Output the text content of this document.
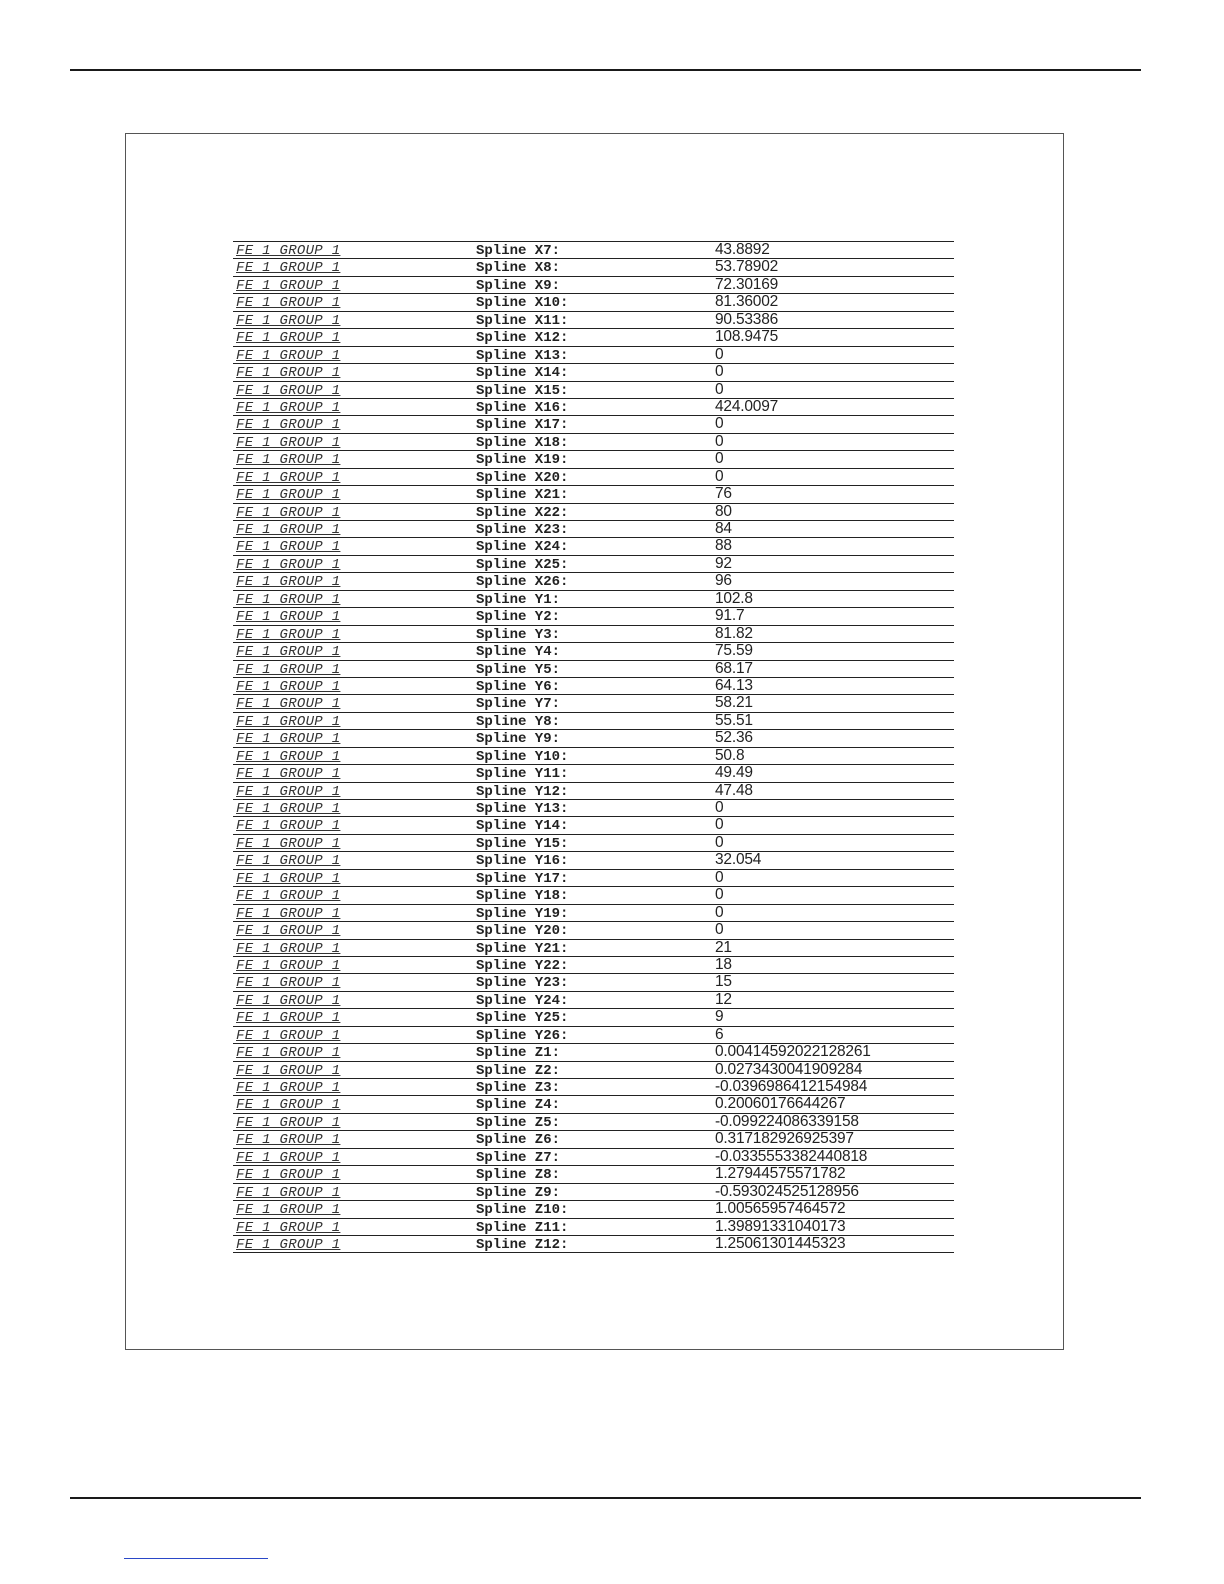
FE 1 GROUP 1	Spline X7:	43.8892
FE 1 GROUP 1	Spline X8:	53.78902
FE 1 GROUP 1	Spline X9:	72.30169
FE 1 GROUP 1	Spline X10:	81.36002
FE 1 GROUP 1	Spline X11:	90.53386
FE 1 GROUP 1	Spline X12:	108.9475
FE 1 GROUP 1	Spline X13:	0
FE 1 GROUP 1	Spline X14:	0
FE 1 GROUP 1	Spline X15:	0
FE 1 GROUP 1	Spline X16:	424.0097
FE 1 GROUP 1	Spline X17:	0
FE 1 GROUP 1	Spline X18:	0
FE 1 GROUP 1	Spline X19:	0
FE 1 GROUP 1	Spline X20:	0
FE 1 GROUP 1	Spline X21:	76
FE 1 GROUP 1	Spline X22:	80
FE 1 GROUP 1	Spline X23:	84
FE 1 GROUP 1	Spline X24:	88
FE 1 GROUP 1	Spline X25:	92
FE 1 GROUP 1	Spline X26:	96
FE 1 GROUP 1	Spline Y1:	102.8
FE 1 GROUP 1	Spline Y2:	91.7
FE 1 GROUP 1	Spline Y3:	81.82
FE 1 GROUP 1	Spline Y4:	75.59
FE 1 GROUP 1	Spline Y5:	68.17
FE 1 GROUP 1	Spline Y6:	64.13
FE 1 GROUP 1	Spline Y7:	58.21
FE 1 GROUP 1	Spline Y8:	55.51
FE 1 GROUP 1	Spline Y9:	52.36
FE 1 GROUP 1	Spline Y10:	50.8
FE 1 GROUP 1	Spline Y11:	49.49
FE 1 GROUP 1	Spline Y12:	47.48
FE 1 GROUP 1	Spline Y13:	0
FE 1 GROUP 1	Spline Y14:	0
FE 1 GROUP 1	Spline Y15:	0
FE 1 GROUP 1	Spline Y16:	32.054
FE 1 GROUP 1	Spline Y17:	0
FE 1 GROUP 1	Spline Y18:	0
FE 1 GROUP 1	Spline Y19:	0
FE 1 GROUP 1	Spline Y20:	0
FE 1 GROUP 1	Spline Y21:	21
FE 1 GROUP 1	Spline Y22:	18
FE 1 GROUP 1	Spline Y23:	15
FE 1 GROUP 1	Spline Y24:	12
FE 1 GROUP 1	Spline Y25:	9
FE 1 GROUP 1	Spline Y26:	6
FE 1 GROUP 1	Spline Z1:	0.00414592022128261
FE 1 GROUP 1	Spline Z2:	0.0273430041909284
FE 1 GROUP 1	Spline Z3:	-0.0396986412154984
FE 1 GROUP 1	Spline Z4:	0.20060176644267
FE 1 GROUP 1	Spline Z5:	-0.099224086339158
FE 1 GROUP 1	Spline Z6:	0.317182926925397
FE 1 GROUP 1	Spline Z7:	-0.0335553382440818
FE 1 GROUP 1	Spline Z8:	1.27944575571782
FE 1 GROUP 1	Spline Z9:	-0.593024525128956
FE 1 GROUP 1	Spline Z10:	1.00565957464572
FE 1 GROUP 1	Spline Z11:	1.39891331040173
FE 1 GROUP 1	Spline Z12:	1.25061301445323
